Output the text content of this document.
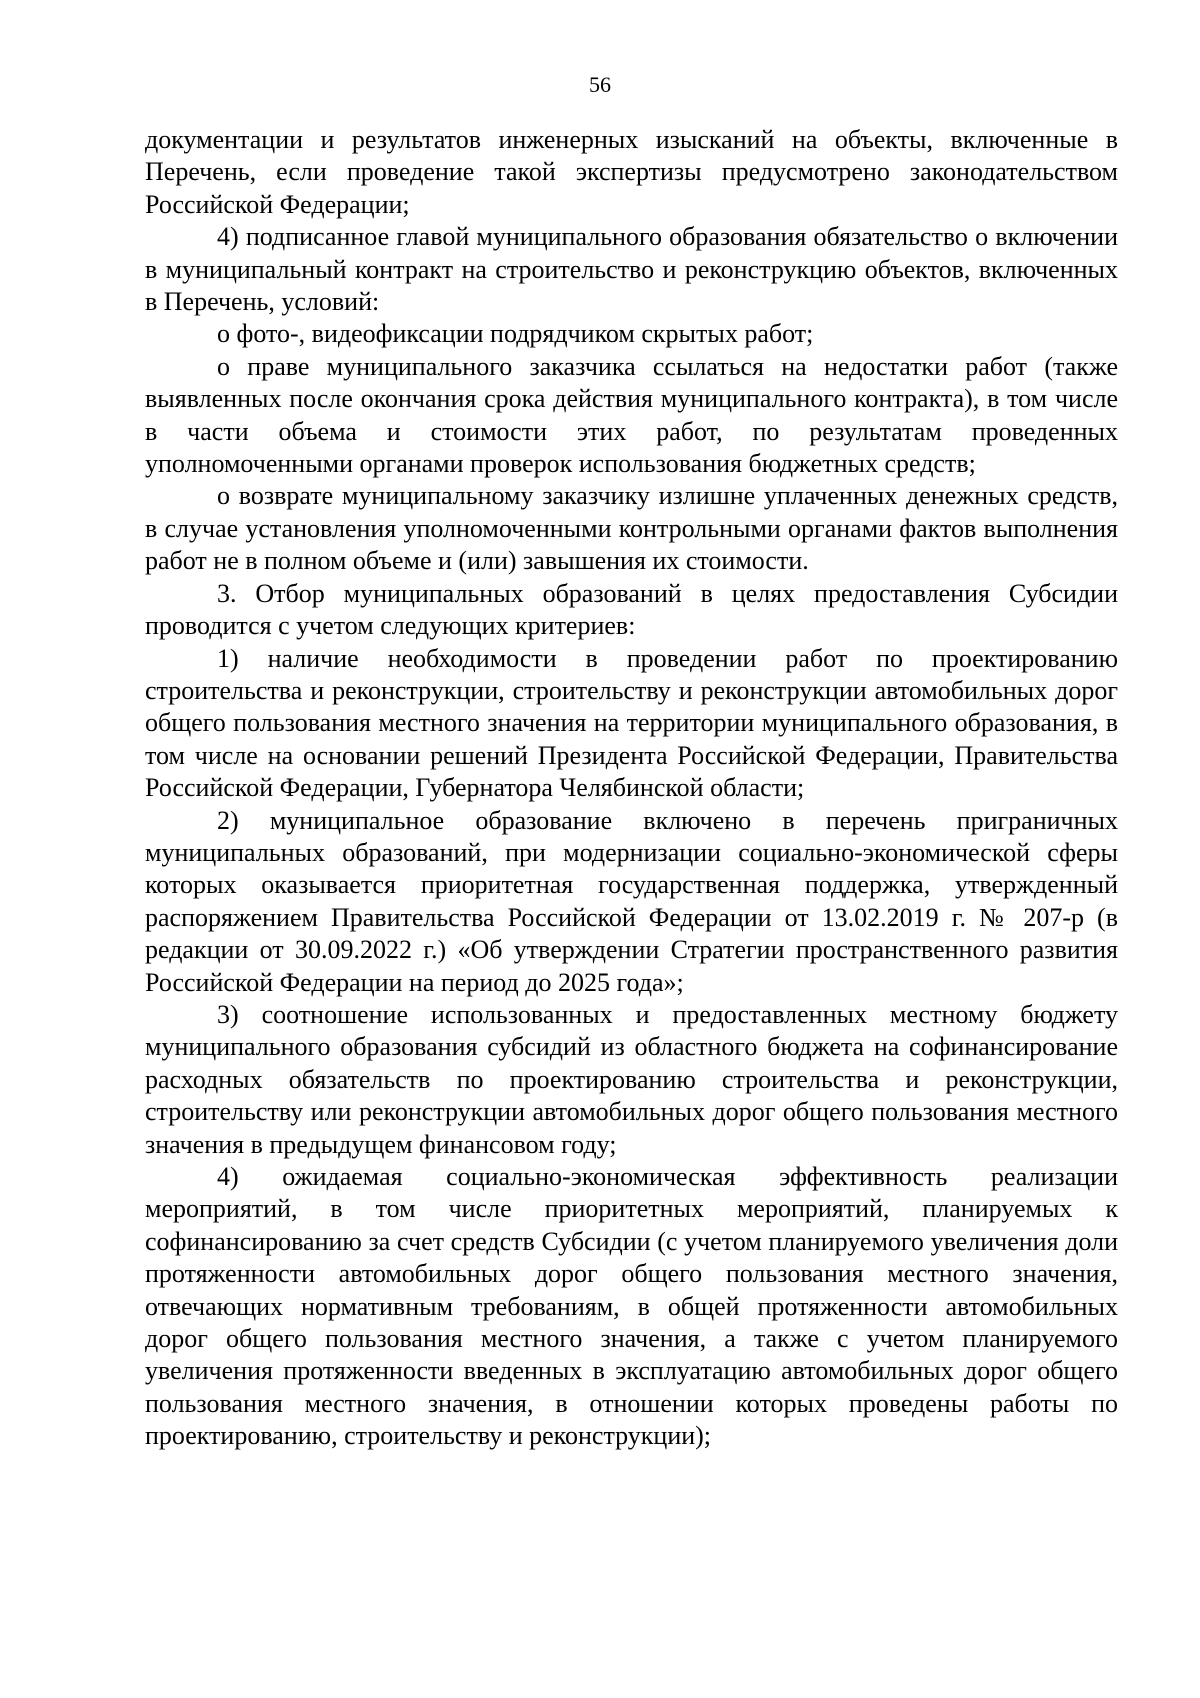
56

документации и результатов инженерных изысканий на объекты, включенные в Перечень, если проведение такой экспертизы предусмотрено законодательством Российской Федерации;

4) подписанное главой муниципального образования обязательство о включении в муниципальный контракт на строительство и реконструкцию объектов, включенных в Перечень, условий:

о фото-, видеофиксации подрядчиком скрытых работ;

о праве муниципального заказчика ссылаться на недостатки работ (также выявленных после окончания срока действия муниципального контракта), в том числе в части объема и стоимости этих работ, по результатам проведенных уполномоченными органами проверок использования бюджетных средств;

о возврате муниципальному заказчику излишне уплаченных денежных средств, в случае установления уполномоченными контрольными органами фактов выполнения работ не в полном объеме и (или) завышения их стоимости.

3. Отбор муниципальных образований в целях предоставления Субсидии проводится с учетом следующих критериев:

1) наличие необходимости в проведении работ по проектированию строительства и реконструкции, строительству и реконструкции автомобильных дорог общего пользования местного значения на территории муниципального образования, в том числе на основании решений Президента Российской Федерации, Правительства Российской Федерации, Губернатора Челябинской области;

2) муниципальное образование включено в перечень приграничных муниципальных образований, при модернизации социально-экономической сферы которых оказывается приоритетная государственная поддержка, утвержденный распоряжением Правительства Российской Федерации от 13.02.2019 г. № 207-р (в редакции от 30.09.2022 г.) «Об утверждении Стратегии пространственного развития Российской Федерации на период до 2025 года»;

3) соотношение использованных и предоставленных местному бюджету муниципального образования субсидий из областного бюджета на софинансирование расходных обязательств по проектированию строительства и реконструкции, строительству или реконструкции автомобильных дорог общего пользования местного значения в предыдущем финансовом году;

4) ожидаемая социально-экономическая эффективность реализации мероприятий, в том числе приоритетных мероприятий, планируемых к софинансированию за счет средств Субсидии (с учетом планируемого увеличения доли протяженности автомобильных дорог общего пользования местного значения, отвечающих нормативным требованиям, в общей протяженности автомобильных дорог общего пользования местного значения, а также с учетом планируемого увеличения протяженности введенных в эксплуатацию автомобильных дорог общего пользования местного значения, в отношении которых проведены работы по проектированию, строительству и реконструкции);
